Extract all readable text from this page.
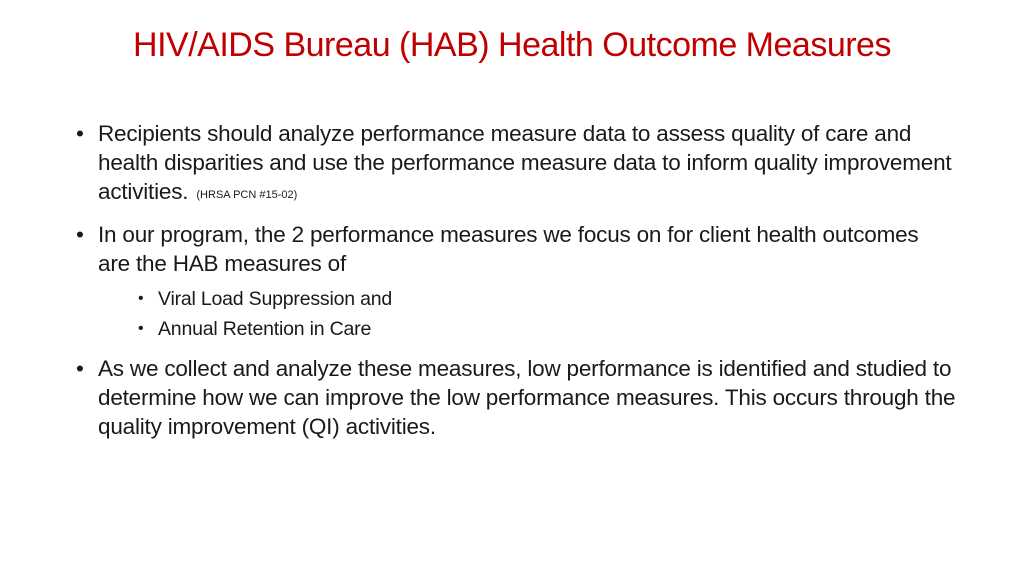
HIV/AIDS Bureau (HAB) Health Outcome Measures
• Recipients should analyze performance measure data to assess quality of care and health disparities and use the performance measure data to inform quality improvement activities. (HRSA PCN #15-02)
• In our program, the 2 performance measures we focus on for client health outcomes are the HAB measures of
• Viral Load Suppression and
• Annual Retention in Care
• As we collect and analyze these measures, low performance is identified and studied to determine how we can improve the low performance measures. This occurs through the quality improvement (QI) activities.
